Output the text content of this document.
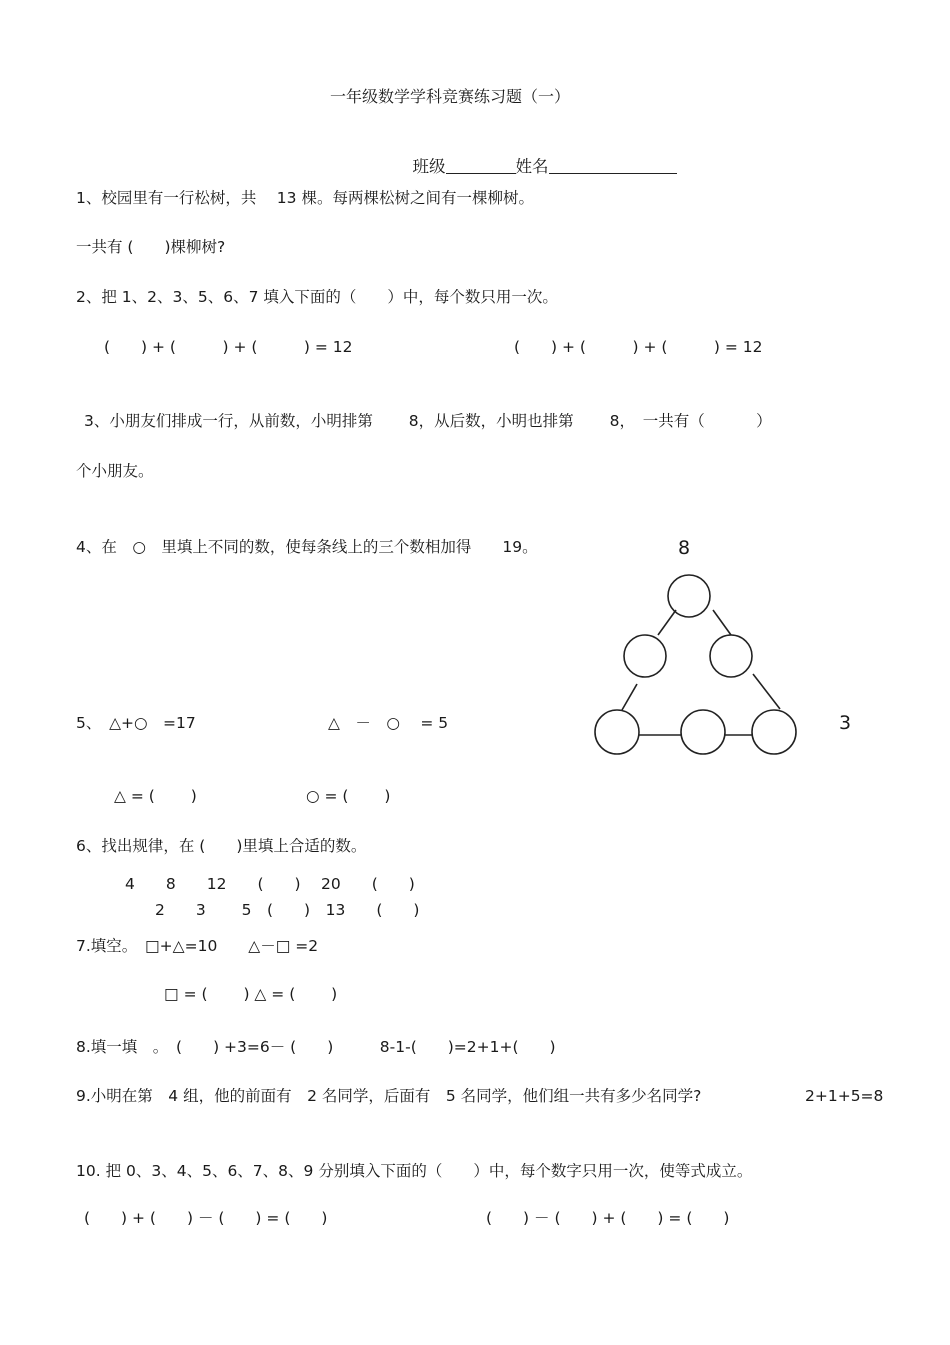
一年级数学学科竞赛练习题（一）

班级	姓名

1、校园里有一行松树，共　 13 棵。每两棵松树之间有一棵柳树。
一共有 (　　)棵柳树?
2、把 1、2、3、5、6、7 填入下面的（　　）中，每个数只用一次。
(　　) + (　　　) + (　　　) = 12	(　　) + (　　　) + (　　　) = 12
3、小朋友们排成一行，从前数，小明排第　　 8，从后数，小明也排第　　 8，　一共有（　　　 ）
个小朋友。
4、在　○　里填上不同的数，使每条线上的三个数相加得　　19。	8
3
5、　△+○　=17	△　－　○　 = 5
△ = (　　 )	○ = (　　 )
6、找出规律，在 (　　)里填上合适的数。
4　　8　　12　　(　　)　 20　　(　　)
2　　3　　 5　(　　)　13　　(　　)
7.填空。　□+△=10　　△－□ =2
□ = (　　 ) △ = (　　 )
8.填一填　。　(　　) +3=6－ (　　)　　　8-1-(　　)=2+1+(　　)
9.小明在第　4 组，他的前面有　2 名同学，后面有　5 名同学，他们组一共有多少名同学?	2+1+5=8
10. 把 0、3、4、5、6、7、8、9 分别填入下面的（　　）中，每个数字只用一次，使等式成立。
(　　) + (　　) － (　　) = (　　)	(　　) － (　　) + (　　) = (　　)
